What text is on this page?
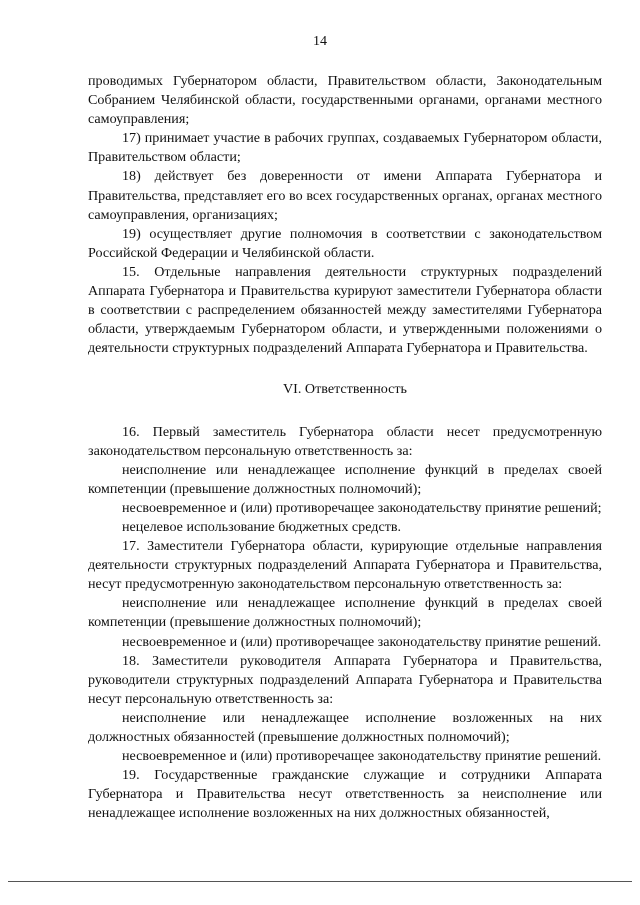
14

проводимых Губернатором области, Правительством области, Законодательным Собранием Челябинской области, государственными органами, органами местного самоуправления;

17) принимает участие в рабочих группах, создаваемых Губернатором области, Правительством области;

18) действует без доверенности от имени Аппарата Губернатора и Правительства, представляет его во всех государственных органах, органах местного самоуправления, организациях;

19) осуществляет другие полномочия в соответствии с законодательством Российской Федерации и Челябинской области.

15. Отдельные направления деятельности структурных подразделений Аппарата Губернатора и Правительства курируют заместители Губернатора области в соответствии с распределением обязанностей между заместителями Губернатора области, утверждаемым Губернатором области, и утвержденными положениями о деятельности структурных подразделений Аппарата Губернатора и Правительства.

VI. Ответственность

16. Первый заместитель Губернатора области несет предусмотренную законодательством персональную ответственность за:

неисполнение или ненадлежащее исполнение функций в пределах своей компетенции (превышение должностных полномочий);

несвоевременное и (или) противоречащее законодательству принятие решений;

нецелевое использование бюджетных средств.

17. Заместители Губернатора области, курирующие отдельные направления деятельности структурных подразделений Аппарата Губернатора и Правительства, несут предусмотренную законодательством персональную ответственность за:

неисполнение или ненадлежащее исполнение функций в пределах своей компетенции (превышение должностных полномочий);

несвоевременное и (или) противоречащее законодательству принятие решений.

18. Заместители руководителя Аппарата Губернатора и Правительства, руководители структурных подразделений Аппарата Губернатора и Правительства несут персональную ответственность за:

неисполнение или ненадлежащее исполнение возложенных на них должностных обязанностей (превышение должностных полномочий);

несвоевременное и (или) противоречащее законодательству принятие решений.

19. Государственные гражданские служащие и сотрудники Аппарата Губернатора и Правительства несут ответственность за неисполнение или ненадлежащее исполнение возложенных на них должностных обязанностей,
